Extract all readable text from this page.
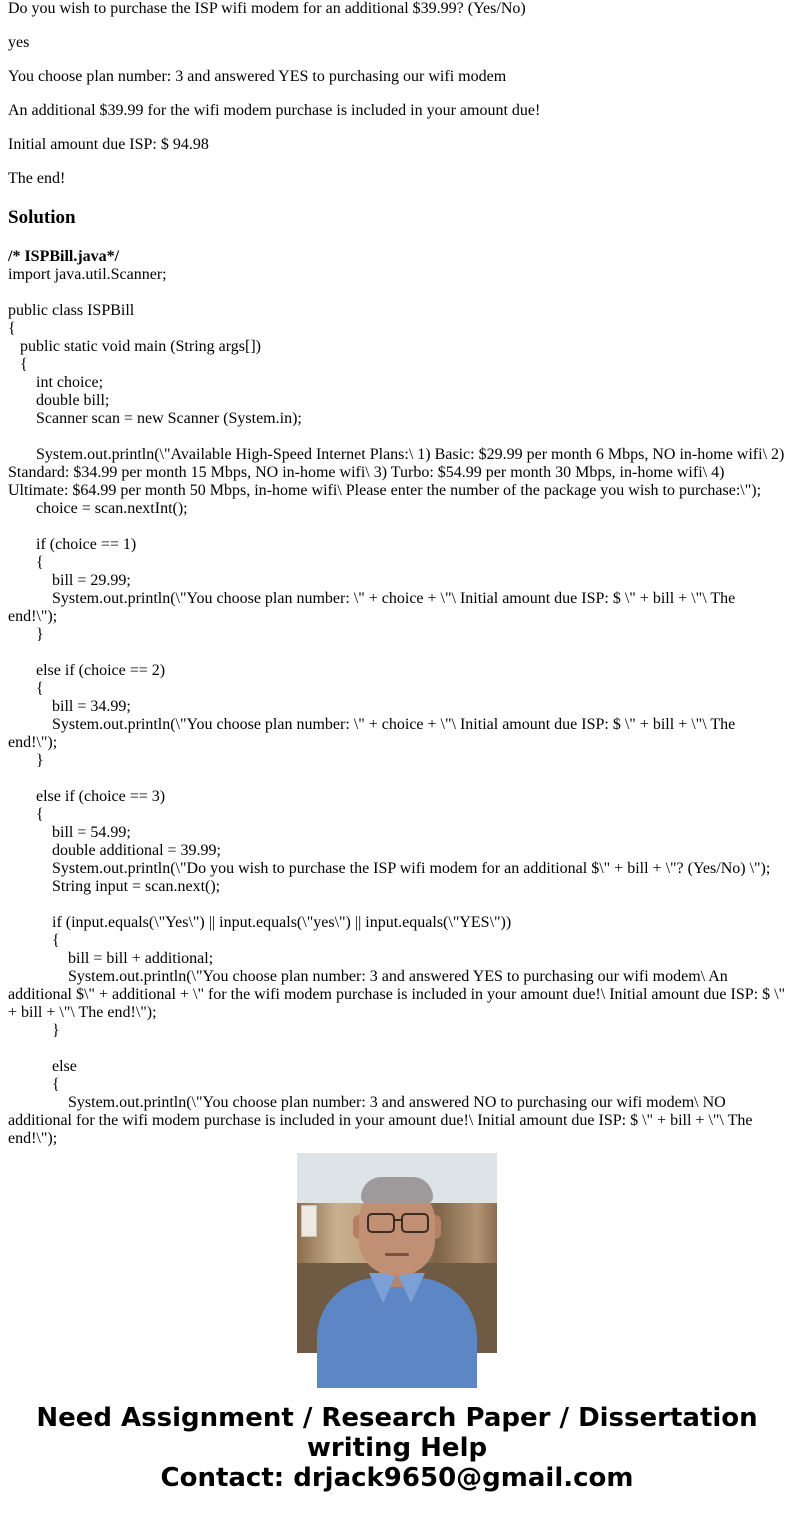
Do you wish to purchase the ISP wifi modem for an additional $39.99? (Yes/No)

yes

You choose plan number: 3 and answered YES to purchasing our wifi modem

An additional $39.99 for the wifi modem purchase is included in your amount due!

Initial amount due ISP: $ 94.98

The end!

Solution
/* ISPBill.java*/
import java.util.Scanner;

public class ISPBill
{
public static void main (String args[])
{
int choice;
double bill;
Scanner scan = new Scanner (System.in);

System.out.println(\"Available High-Speed Internet Plans:\ 1) Basic: $29.99 per month 6 Mbps, NO in-home wifi\ 2) Standard: $34.99 per month 15 Mbps, NO in-home wifi\ 3) Turbo: $54.99 per month 30 Mbps, in-home wifi\ 4) Ultimate: $64.99 per month 50 Mbps, in-home wifi\ Please enter the number of the package you wish to purchase:\");
choice = scan.nextInt();

if (choice == 1)
{
bill = 29.99;
System.out.println(\"You choose plan number: \" + choice + \"\ Initial amount due ISP: $ \" + bill + \"\ The end!\");
}

else if (choice == 2)
{
bill = 34.99;
System.out.println(\"You choose plan number: \" + choice + \"\ Initial amount due ISP: $ \" + bill + \"\ The end!\");
}

else if (choice == 3)
{
bill = 54.99;
double additional = 39.99;
System.out.println(\"Do you wish to purchase the ISP wifi modem for an additional $\" + bill + \"? (Yes/No) \");
String input = scan.next();

if (input.equals(\"Yes\") || input.equals(\"yes\") || input.equals(\"YES\"))
{
bill = bill + additional;
System.out.println(\"You choose plan number: 3 and answered YES to purchasing our wifi modem\ An additional $\" + additional + \" for the wifi modem purchase is included in your amount due!\ Initial amount due ISP: $ \" + bill + \"\ The end!\");
}

else
{
System.out.println(\"You choose plan number: 3 and answered NO to purchasing our wifi modem\ NO additional for the wifi modem purchase is included in your amount due!\ Initial amount due ISP: $ \" + bill + \"\ The end!\");
Need Assignment / Research Paper / Dissertation
writing Help
Contact: drjack9650@gmail.com
